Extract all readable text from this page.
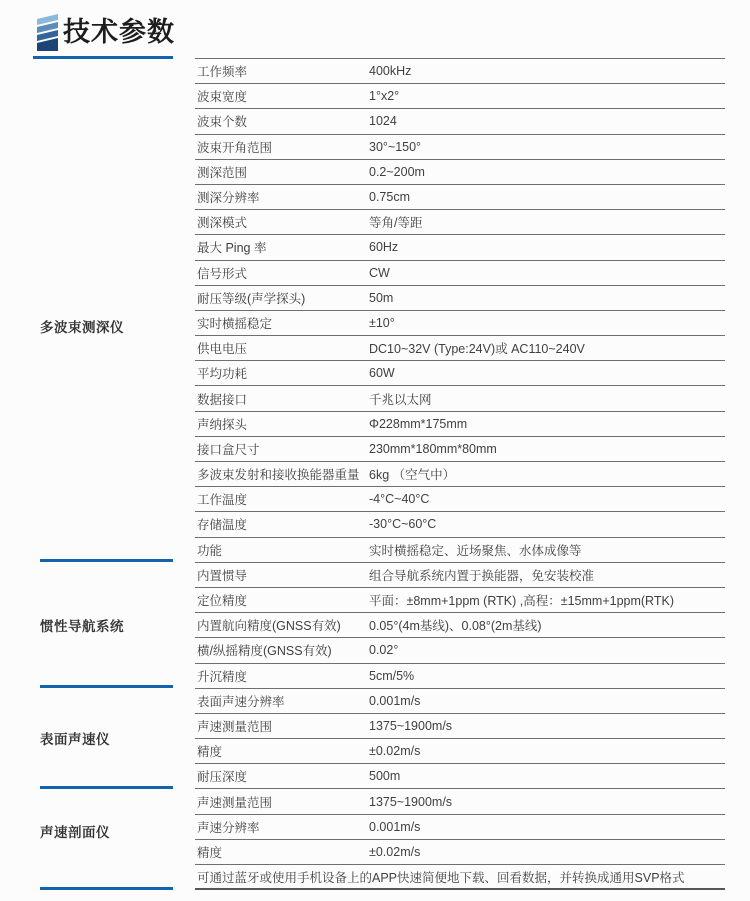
技术参数
多波束测深仪
惯性导航系统
表面声速仪
声速剖面仪
工作频率	400kHz
波束宽度	1°x2°
波束个数	1024
波束开角范围	30°~150°
测深范围	0.2~200m
测深分辨率	0.75cm
测深模式	等角/等距
最大 Ping 率	60Hz
信号形式	CW
耐压等级(声学探头)	50m
实时横摇稳定	±10°
供电电压	DC10~32V (Type:24V)或 AC110~240V
平均功耗	60W
数据接口	千兆以太网
声纳探头	Φ228mm*175mm
接口盒尺寸	230mm*180mm*80mm
多波束发射和接收换能器重量 6kg （空气中）
工作温度	-4°C~40°C
存储温度	-30°C~60°C
功能	实时横摇稳定、近场聚焦、水体成像等
内置惯导	组合导航系统内置于换能器，免安装校准
定位精度	平面：±8mm+1ppm (RTK) ,高程：±15mm+1ppm(RTK)
内置航向精度(GNSS有效)	0.05°(4m基线)、0.08°(2m基线)
横/纵摇精度(GNSS有效)	0.02°
升沉精度	5cm/5%
表面声速分辨率	0.001m/s
声速测量范围	1375~1900m/s
精度	±0.02m/s
耐压深度	500m
声速测量范围	1375~1900m/s
声速分辨率	0.001m/s
精度	±0.02m/s
可通过蓝牙或使用手机设备上的APP快速简便地下载、回看数据，并转换成通用SVP格式
